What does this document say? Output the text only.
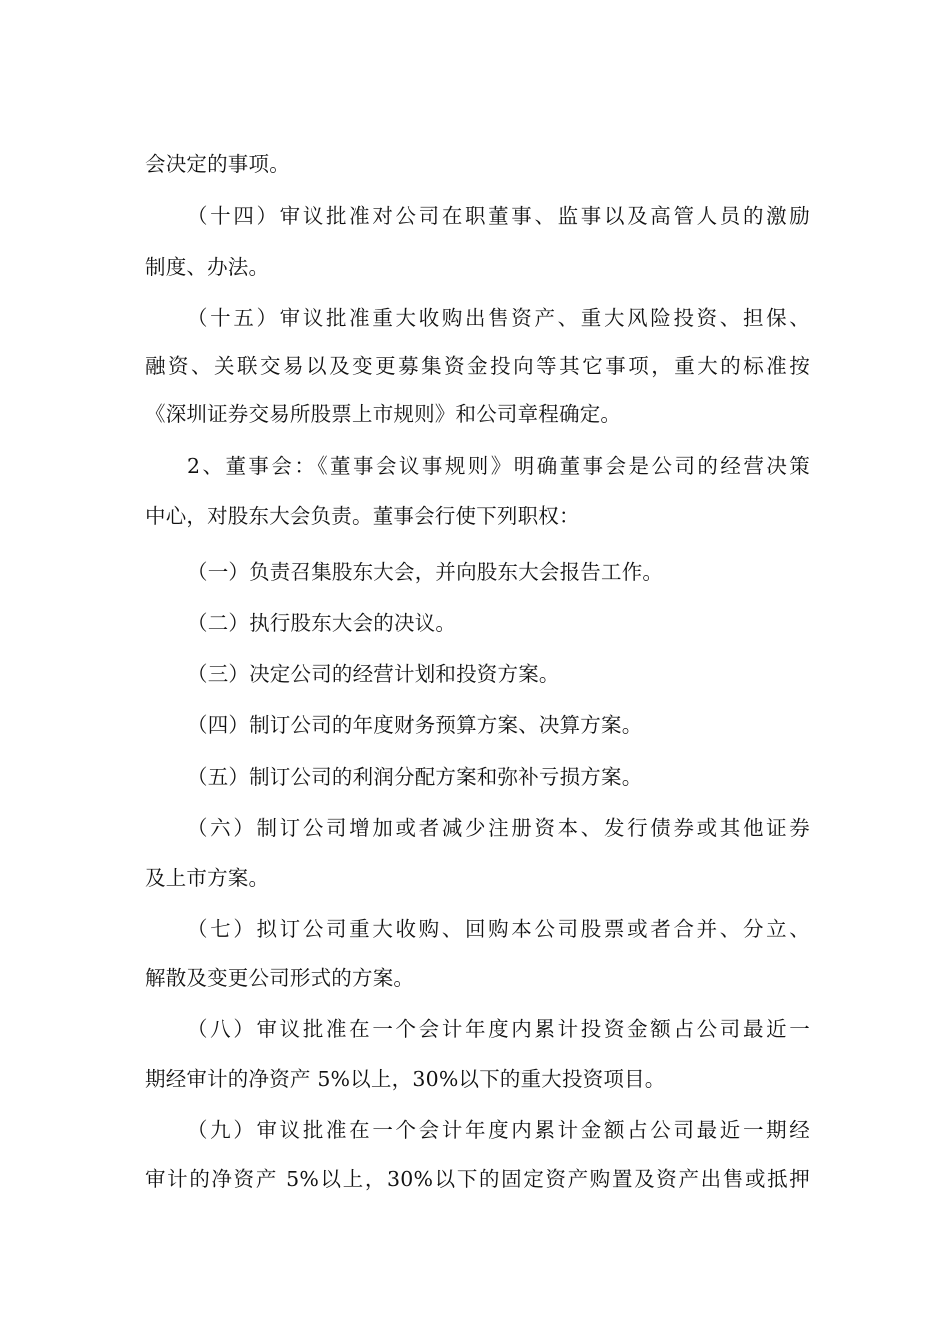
会决定的事项。
（十四）审议批准对公司在职董事、监事以及高管人员的激励
制度、办法。
（十五）审议批准重大收购出售资产、重大风险投资、担保、
融资、关联交易以及变更募集资金投向等其它事项，重大的标准按
《深圳证券交易所股票上市规则》和公司章程确定。
2、董事会：《董事会议事规则》明确董事会是公司的经营决策
中心，对股东大会负责。董事会行使下列职权：
（一）负责召集股东大会，并向股东大会报告工作。
（二）执行股东大会的决议。
（三）决定公司的经营计划和投资方案。
（四）制订公司的年度财务预算方案、决算方案。
（五）制订公司的利润分配方案和弥补亏损方案。
（六）制订公司增加或者减少注册资本、发行债券或其他证券
及上市方案。
（七）拟订公司重大收购、回购本公司股票或者合并、分立、
解散及变更公司形式的方案。
（八）审议批准在一个会计年度内累计投资金额占公司最近一
期经审计的净资产 5%以上，30%以下的重大投资项目。
（九）审议批准在一个会计年度内累计金额占公司最近一期经
审计的净资产 5%以上，30%以下的固定资产购置及资产出售或抵押
